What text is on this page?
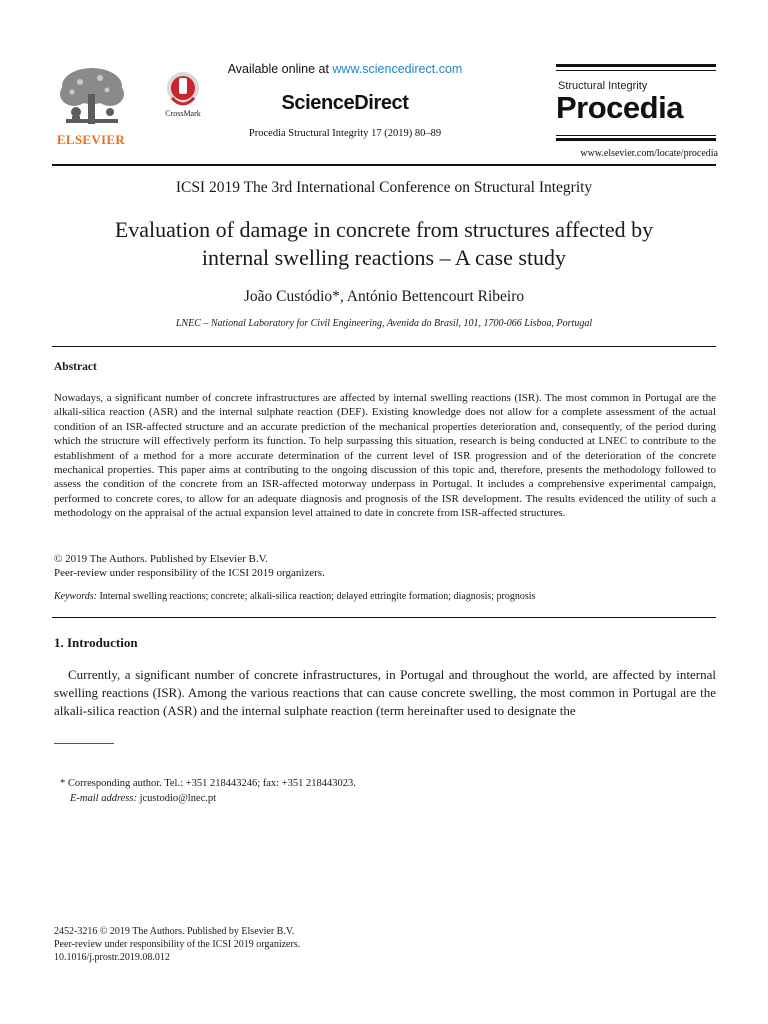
ELSEVIER
CrossMark
Available online at www.sciencedirect.com
ScienceDirect
Procedia Structural Integrity 17 (2019) 80–89
Structural Integrity
Procedia
www.elsevier.com/locate/procedia
ICSI 2019 The 3rd International Conference on Structural Integrity
Evaluation of damage in concrete from structures affected by
internal swelling reactions – A case study
João Custódio*, António Bettencourt Ribeiro
LNEC – National Laboratory for Civil Engineering, Avenida do Brasil, 101, 1700-066 Lisboa, Portugal
Abstract
Nowadays, a significant number of concrete infrastructures are affected by internal swelling reactions (ISR). The most common in Portugal are the alkali-silica reaction (ASR) and the internal sulphate reaction (DEF). Existing knowledge does not allow for a complete assessment of the actual condition of an ISR-affected structure and an accurate prediction of the mechanical properties deterioration and, consequently, of the period during which the structure will effectively perform its function. To help surpassing this situation, research is being conducted at LNEC to contribute to the establishment of a method for a more accurate determination of the current level of ISR progression and of the deterioration of the concrete mechanical properties. This paper aims at contributing to the ongoing discussion of this topic and, therefore, presents the methodology followed to assess the condition of the concrete from an ISR-affected motorway underpass in Portugal. It includes a comprehensive experimental campaign, performed to concrete cores, to allow for an adequate diagnosis and prognosis of the ISR development. The results evidenced the utility of such a methodology on the appraisal of the actual expansion level attained to date in concrete from ISR-affected structures.
© 2019 The Authors. Published by Elsevier B.V.
Peer-review under responsibility of the ICSI 2019 organizers.
Keywords: Internal swelling reactions; concrete; alkali-silica reaction; delayed ettringite formation; diagnosis; prognosis
1. Introduction

Currently, a significant number of concrete infrastructures, in Portugal and throughout the world, are affected by internal swelling reactions (ISR). Among the various reactions that can cause concrete swelling, the most common in Portugal are the alkali-silica reaction (ASR) and the internal sulphate reaction (term hereinafter used to designate the

* Corresponding author. Tel.: +351 218443246; fax: +351 218443023.
E-mail address: jcustodio@lnec.pt
2452-3216 © 2019 The Authors. Published by Elsevier B.V.
Peer-review under responsibility of the ICSI 2019 organizers.
10.1016/j.prostr.2019.08.012
